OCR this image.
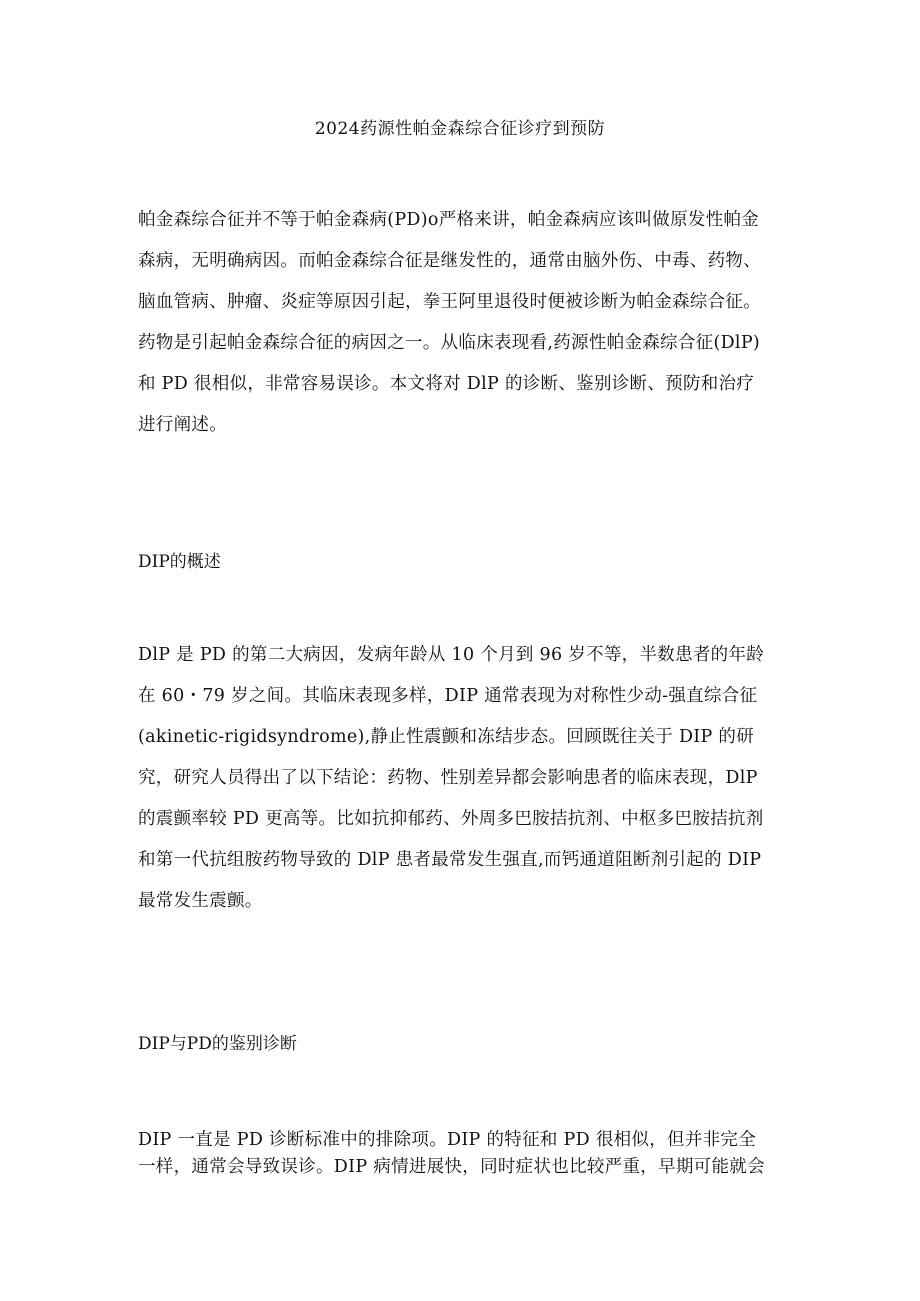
2024药源性帕金森综合征诊疗到预防
帕金森综合征并不等于帕金森病(PD)o严格来讲，帕金森病应该叫做原发性帕金
森病，无明确病因。而帕金森综合征是继发性的，通常由脑外伤、中毒、药物、
脑血管病、肿瘤、炎症等原因引起，拳王阿里退役时便被诊断为帕金森综合征。
药物是引起帕金森综合征的病因之一。从临床表现看,药源性帕金森综合征(DlP)
和 PD 很相似，非常容易误诊。本文将对 DlP 的诊断、鉴别诊断、预防和治疗
进行阐述。
DIP的概述
DlP 是 PD 的第二大病因，发病年龄从 10 个月到 96 岁不等，半数患者的年龄
在 60・79 岁之间。其临床表现多样，DIP 通常表现为对称性少动-强直综合征
(akinetic-rigidsyndrome),静止性震颤和冻结步态。回顾既往关于 DIP 的研
究，研究人员得出了以下结论：药物、性别差异都会影响患者的临床表现，DlP
的震颤率较 PD 更高等。比如抗抑郁药、外周多巴胺拮抗剂、中枢多巴胺拮抗剂
和第一代抗组胺药物导致的 DlP 患者最常发生强直,而钙通道阻断剂引起的 DIP
最常发生震颤。
DIP与PD的鉴别诊断
DIP 一直是 PD 诊断标准中的排除项。DIP 的特征和 PD 很相似，但并非完全
一样，通常会导致误诊。DIP 病情进展快，同时症状也比较严重，早期可能就会
